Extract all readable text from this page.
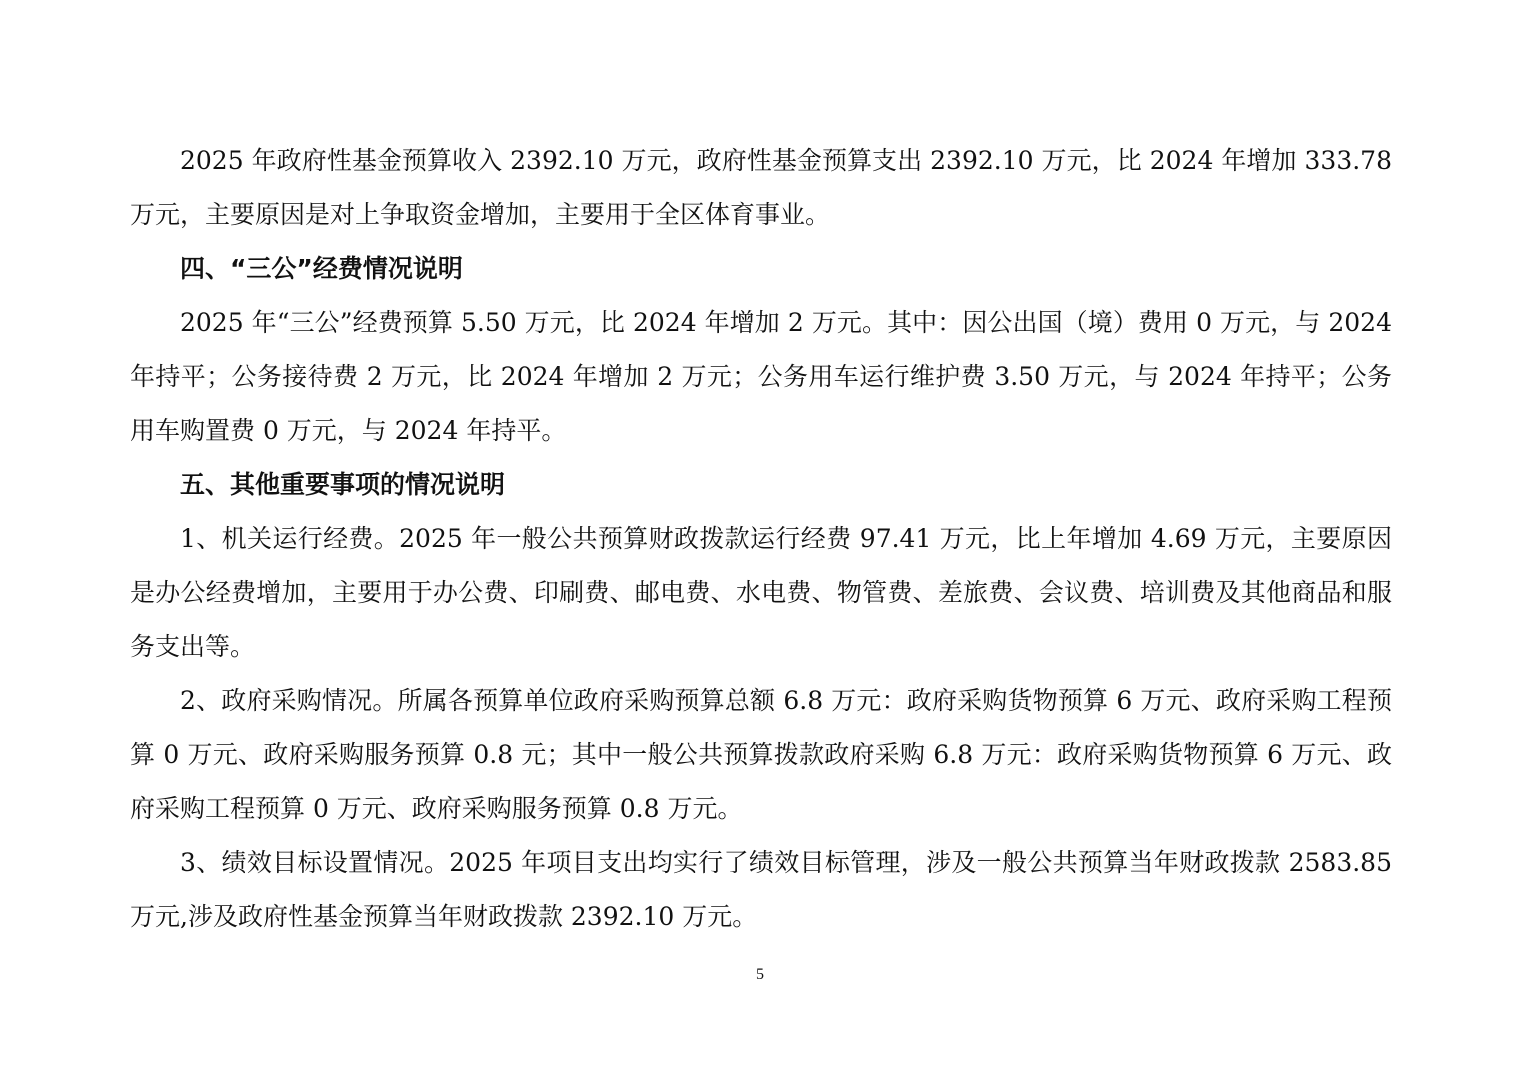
2025 年政府性基金预算收入 2392.10 万元，政府性基金预算支出 2392.10 万元，比 2024 年增加 333.78 万元，主要原因是对上争取资金增加，主要用于全区体育事业。

四、“三公”经费情况说明

2025 年“三公”经费预算 5.50 万元，比 2024 年增加 2 万元。其中：因公出国（境）费用 0 万元，与 2024 年持平；公务接待费 2 万元，比 2024 年增加 2 万元；公务用车运行维护费 3.50 万元，与 2024 年持平；公务用车购置费 0 万元，与 2024 年持平。

五、其他重要事项的情况说明

1、机关运行经费。2025 年一般公共预算财政拨款运行经费 97.41 万元，比上年增加 4.69 万元，主要原因是办公经费增加，主要用于办公费、印刷费、邮电费、水电费、物管费、差旅费、会议费、培训费及其他商品和服务支出等。

2、政府采购情况。所属各预算单位政府采购预算总额 6.8 万元：政府采购货物预算 6 万元、政府采购工程预算 0 万元、政府采购服务预算 0.8 元；其中一般公共预算拨款政府采购 6.8 万元：政府采购货物预算 6 万元、政府采购工程预算 0 万元、政府采购服务预算 0.8 万元。

3、绩效目标设置情况。2025 年项目支出均实行了绩效目标管理，涉及一般公共预算当年财政拨款 2583.85 万元,涉及政府性基金预算当年财政拨款 2392.10 万元。

5
